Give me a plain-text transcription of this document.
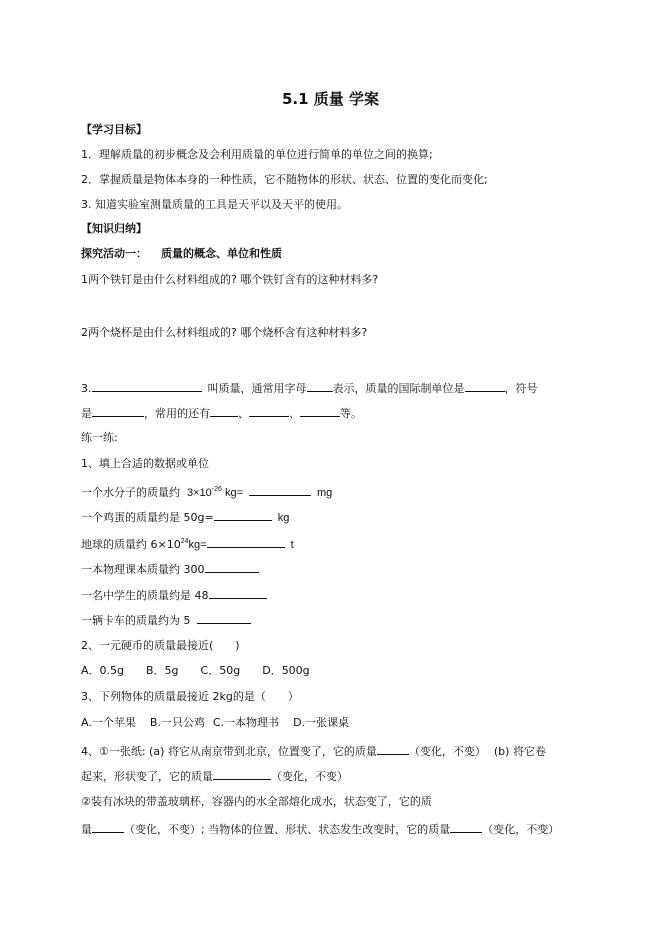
5.1 质量 学案
【学习目标】
1．理解质量的初步概念及会利用质量的单位进行简单的单位之间的换算;
2．掌握质量是物体本身的一种性质，它不随物体的形状、状态、位置的变化而变化;
3. 知道实验室测量质量的工具是天平以及天平的使用。
【知识归纳】
探究活动一： 质量的概念、单位和性质
1两个铁钉是由什么材料组成的? 哪个铁钉含有的这种材料多?
2两个烧杯是由什么材料组成的? 哪个烧杯含有这种材料多?
3.	叫质量，通常用字母 表示，质量的国际制单位是	，符号
是	，常用的还有	、	、	等。
练一练:
1、填上合适的数据或单位
一个水分子的质量约 $3\times 10^{-26}$ kg=	mg
一个鸡蛋的质量约是 50g=	kg
地球的质量约 $6\times 10^{24}kg=$	t
一本物理课本质量约 300
一名中学生的质量约是 48
一辆卡车的质量约为 5
2、一元硬币的质量最接近(　　)
A．0.5g B．5g C．50g D．500g
3、下列物体的质量最接近 2kg的是（　　）
A.一个苹果 B.一只公鸡 C.一本物理书 D.一张课桌
4、①一张纸: (a) 将它从南京带到北京，位置变了，它的质量	（变化，不变） (b) 将它卷
起来，形状变了，它的质量	（变化，不变）
②装有冰块的带盖玻璃杯，容器内的水全部熔化成水，状态变了，它的质
量	（变化，不变）; 当物体的位置、形状、状态发生改变时，它的质量	（变化，不变）
